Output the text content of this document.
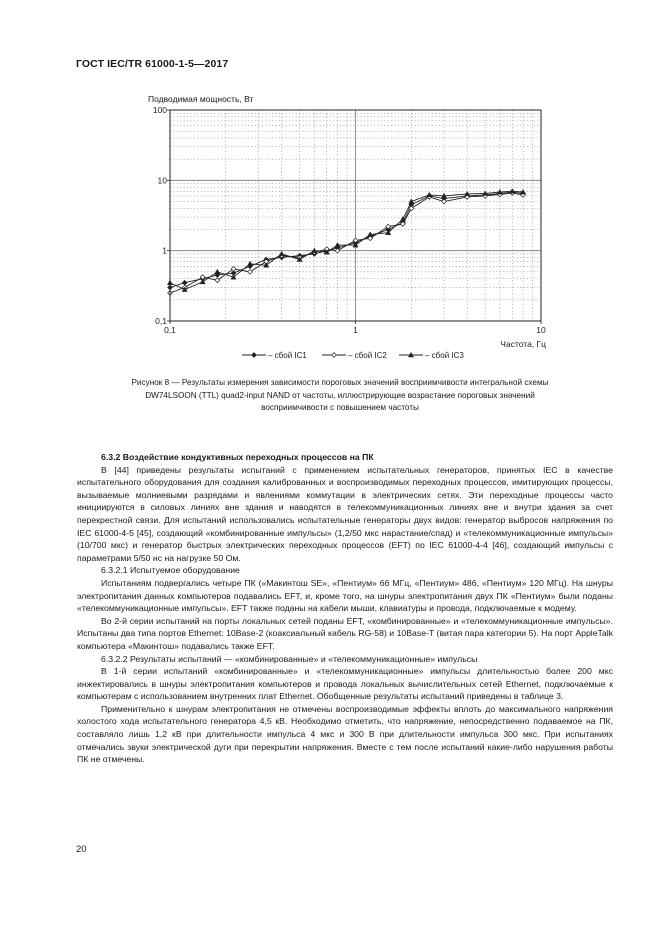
ГОСТ IEC/TR 61000-1-5—2017
Подводимая мощность, Вт
0,1
1
10
100
0,1	1	10
Частота, Гц
– сбой IC1	– сбой IC2	– сбой IC3
Рисунок 8 — Результаты измерения зависимости пороговых значений восприимчивости интегральной схемы
DW74LSOON (TTL) quad2-input NAND от частоты, иллюстрирующие возрастание пороговых значений
восприимчивости с повышением частоты

6.3.2 Воздействие кондуктивных переходных процессов на ПК

В [44] приведены результаты испытаний с применением испытательных генераторов, принятых IEC в качестве испытательного оборудования для создания калиброванных и воспроизводимых переходных процессов, имитирующих процессы, вызываемые молниевыми разрядами и явлениями коммутации в электрических сетях. Эти переходные процессы часто инициируются в силовых линиях вне здания и наводятся в телекоммуникационных линиях вне и внутри здания за счет перекрестной связи. Для испытаний использовались испытательные генераторы двух видов: генератор выбросов напряжения по IEC 61000-4-5 [45], создающий «комбинированные импульсы» (1,2/50 мкс нарастание/спад) и «телекоммуникационные импульсы» (10/700 мкс) и генератор быстрых электрических переходных процессов (EFT) по IEC 61000-4-4 [46], создающий импульсы с параметрами 5/50 нс на нагрузке 50 Ом.

6.3.2.1 Испытуемое оборудование

Испытаниям подвергались четыре ПК («Макинтош SE», «Пентиум» 66 МГц, «Пентиум» 486, «Пентиум» 120 МГц). На шнуры электропитания данных компьютеров подавались EFT, и, кроме того, на шнуры электропитания двух ПК «Пентиум» были поданы «телекоммуникационные импульсы». EFT также поданы на кабели мыши, клавиатуры и провода, подключаемые к модему.

Во 2-й серии испытаний на порты локальных сетей поданы EFT, «комбинированные» и «телекоммуникационные импульсы». Испытаны два типа портов Ethernet: 10Base-2 (коаксиальный кабель RG-58) и 10Base-T (витая пара категории 5). На порт AppleTalk компьютера «Макинтош» подавались также EFT.

6.3.2.2 Результаты испытаний — «комбинированные» и «телекоммуникационные» импульсы

В 1-й серии испытаний «комбинированные» и «телекоммуникационные» импульсы длительностью более 200 мкс инжектировались в шнуры электропитания компьютеров и провода локальных вычислительных сетей Ethernet, подключаемые к компьютерам с использованием внутренних плат Ethernet. Обобщенные результаты испытаний приведены в таблице 3.

Применительно к шнурам электропитания не отмечены воспроизводимые эффекты вплоть до максимального напряжения холостого хода испытательного генератора 4,5 кВ. Необходимо отметить, что напряжение, непосредственно подаваемое на ПК, составляло лишь 1,2 кВ при длительности импульса 4 мкс и 300 В при длительности импульса 300 мкс. При испытаниях отмечались звуки электрической дуги при перекрытии напряжения. Вместе с тем после испытаний какие-либо нарушения работы ПК не отмечены.

20
